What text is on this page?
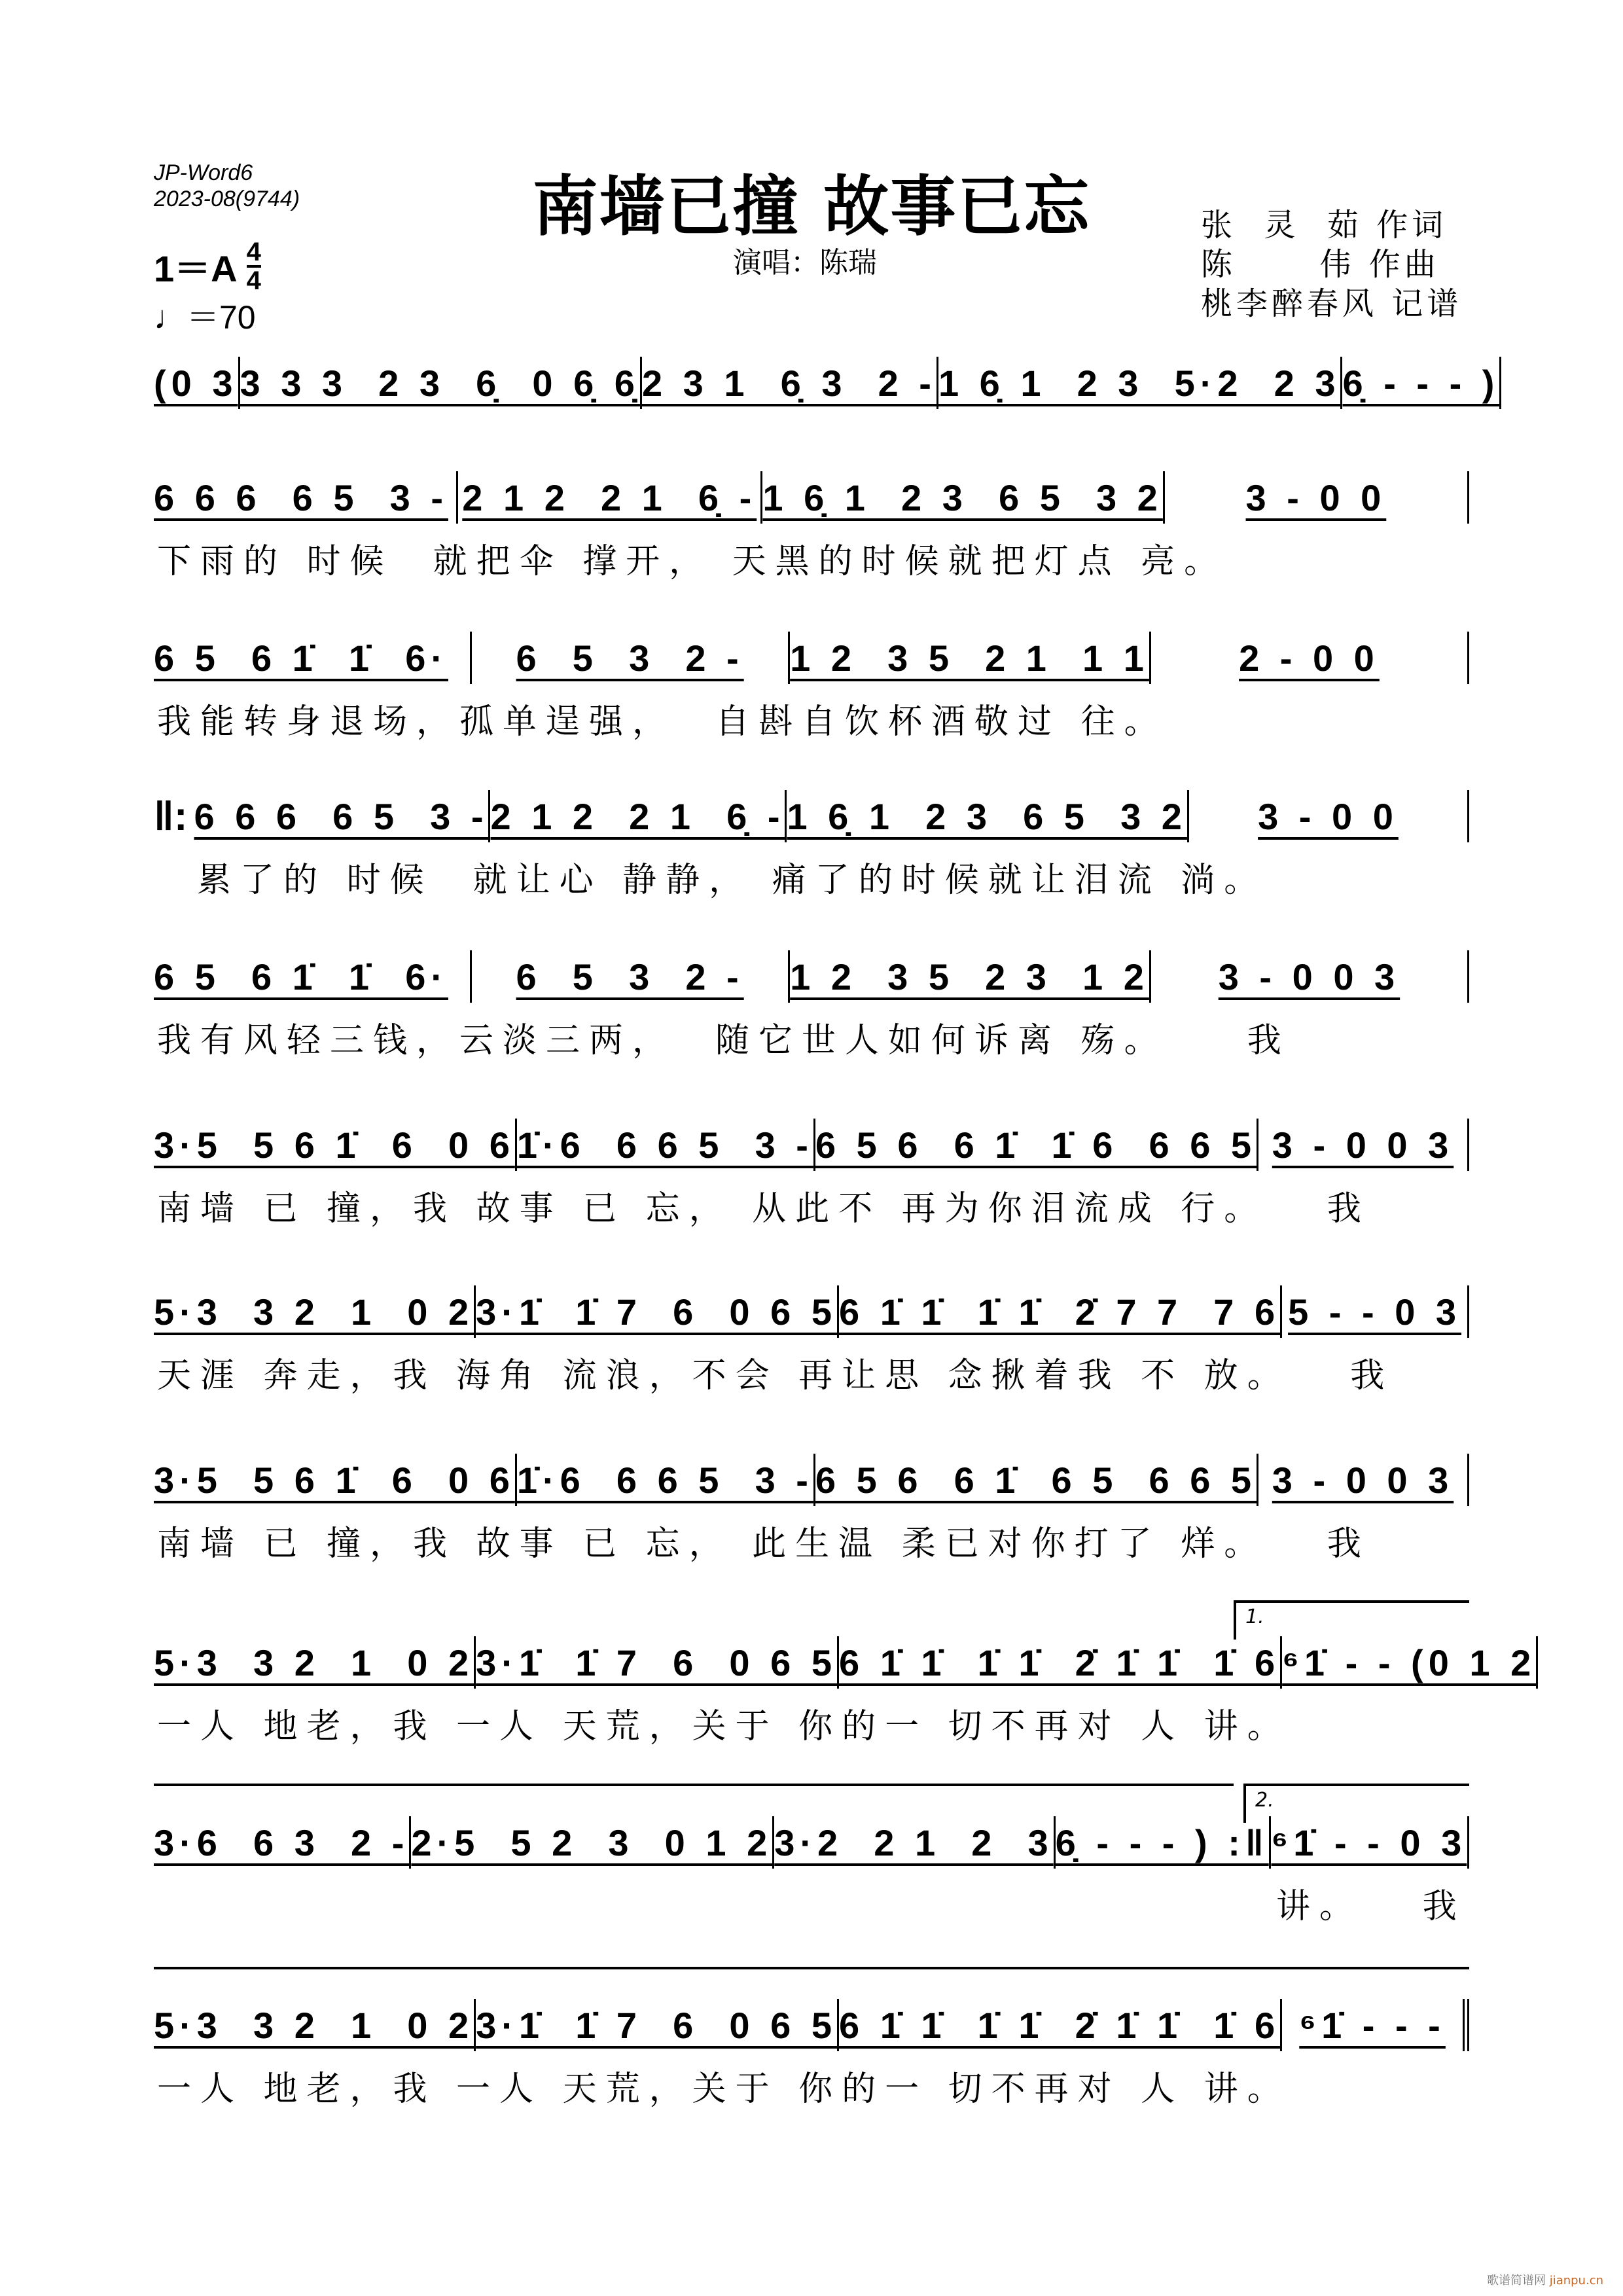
JP-Word6
2023-08(9744)	南墙已撞 故事已忘
演唱：陈瑞
张  灵  茹 作词
陈      伟 作曲
桃李醉春风 记谱
$1=A \frac{4}{4}$
♩＝70
(0 3 3 3 3  2 3  6̣  0 6̣ 6̣ 2 3 1  6̣ 3  2 - 1 6̣ 1  2 3  5·2  2 3 6̣ - - - )
6 6 6  6 5  3 - 2 1 2  2 1  6̣ - 1 6̣ 1  2 3  6 5  3 2	3 - 0 0
下雨的 时候  就把伞 撑开， 天黑的时候就把灯点 亮。
6 5  6 1̇  1̇  6·	6  5  3  2 -	1 2  3 5  2 1  1 1	2 - 0 0
我能转身退场，孤单逞强，  自斟自饮杯酒敬过 往。
‖: 6 6 6  6 5  3 - 2 1 2  2 1  6̣ - 1 6̣ 1  2 3  6 5  3 2	3 - 0 0
累了的 时候  就让心 静静， 痛了的时候就让泪流 淌。
6 5  6 1̇  1̇  6·	6  5  3  2 -	1 2  3 5  2 3  1 2	3 - 0 0 3
我有风轻三钱，云淡三两，  随它世人如何诉离 殇。    我
3·5  5 6 1̇  6  0 6 1̇·6  6 6 5  3 - 6 5 6  6 1̇  1̇ 6  6 6 5 3 - 0 0 3
南墙 已 撞，我 故事 已 忘， 从此不 再为你泪流成 行。   我
5·3  3 2  1  0 2 3·1̇  1̇ 7  6  0 6 5 6 1̇ 1̇  1̇ 1̇  2̇ 7 7  7 6 5 - - 0 3
天涯 奔走，我 海角 流浪，不会 再让思 念揪着我 不 放。   我
3·5  5 6 1̇  6  0 6 1̇·6  6 6 5  3 - 6 5 6  6 1̇  6 5  6 6 5 3 - 0 0 3
南墙 已 撞，我 故事 已 忘， 此生温 柔已对你打了 烊。   我
5·3  3 2  1  0 2 3·1̇  1̇ 7  6  0 6 5 6 1̇ 1̇  1̇ 1̇  2̇ 1̇ 1̇  1̇ 6 ⁶1̇ - - (0 1 2
一人 地老，我 一人 天荒，关于 你的一 切不再对 人 讲。
3·6  6 3  2 - 2·5  5 2  3  0 1 2 3·2  2 1  2  3 6̣ - - - ) :‖ ⁶1̇ - - 0 3
讲。   我
5·3  3 2  1  0 2 3·1̇  1̇ 7  6  0 6 5 6 1̇ 1̇  1̇ 1̇  2̇ 1̇ 1̇  1̇ 6 ⁶1̇ - - -
一人 地老，我 一人 天荒，关于 你的一 切不再对 人 讲。
1.
2.
歌谱简谱网 jianpu.cn
